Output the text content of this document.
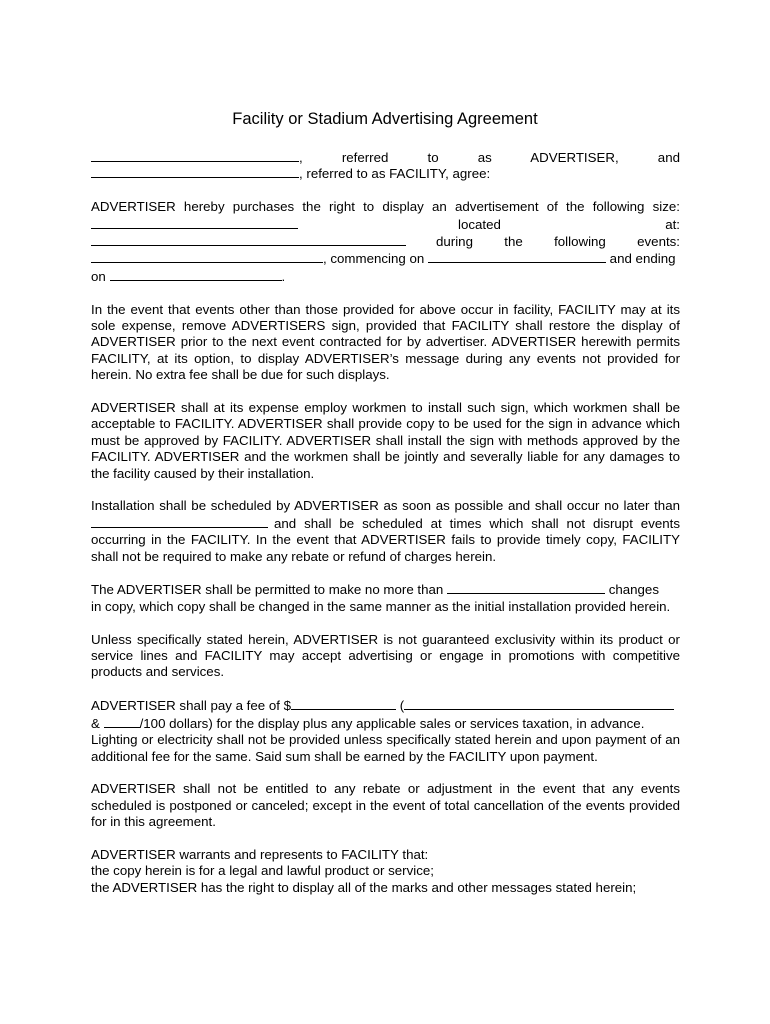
Facility or Stadium Advertising Agreement
, referred to as ADVERTISER, and
, referred to as FACILITY, agree:
ADVERTISER hereby purchases the right to display an advertisement of the following size:
located at:
during the following events:
, commencing on	and ending
on	.
In the event that events other than those provided for above occur in facility, FACILITY may at its sole expense, remove ADVERTISERS sign, provided that FACILITY shall restore the display of ADVERTISER prior to the next event contracted for by advertiser. ADVERTISER herewith permits FACILITY, at its option, to display ADVERTISER’s message during any events not provided for herein. No extra fee shall be due for such displays.
ADVERTISER shall at its expense employ workmen to install such sign, which workmen shall be acceptable to FACILITY. ADVERTISER shall provide copy to be used for the sign in advance which must be approved by FACILITY. ADVERTISER shall install the sign with methods approved by the FACILITY. ADVERTISER and the workmen shall be jointly and severally liable for any damages to the facility caused by their installation.
Installation shall be scheduled by ADVERTISER as soon as possible and shall occur no later than
and shall be scheduled at times which shall not disrupt events
occurring in the FACILITY. In the event that ADVERTISER fails to provide timely copy, FACILITY shall not be required to make any rebate or refund of charges herein.
The ADVERTISER shall be permitted to make no more than	changes
in copy, which copy shall be changed in the same manner as the initial installation provided herein.
Unless specifically stated herein, ADVERTISER is not guaranteed exclusivity within its product or service lines and FACILITY may accept advertising or engage in promotions with competitive products and services.
ADVERTISER shall pay a fee of $	(
&	/100 dollars) for the display plus any applicable sales or services taxation, in advance.
Lighting or electricity shall not be provided unless specifically stated herein and upon payment of an additional fee for the same. Said sum shall be earned by the FACILITY upon payment.
ADVERTISER shall not be entitled to any rebate or adjustment in the event that any events scheduled is postponed or canceled; except in the event of total cancellation of the events provided for in this agreement.
ADVERTISER warrants and represents to FACILITY that:
the copy herein is for a legal and lawful product or service;
the ADVERTISER has the right to display all of the marks and other messages stated herein;
